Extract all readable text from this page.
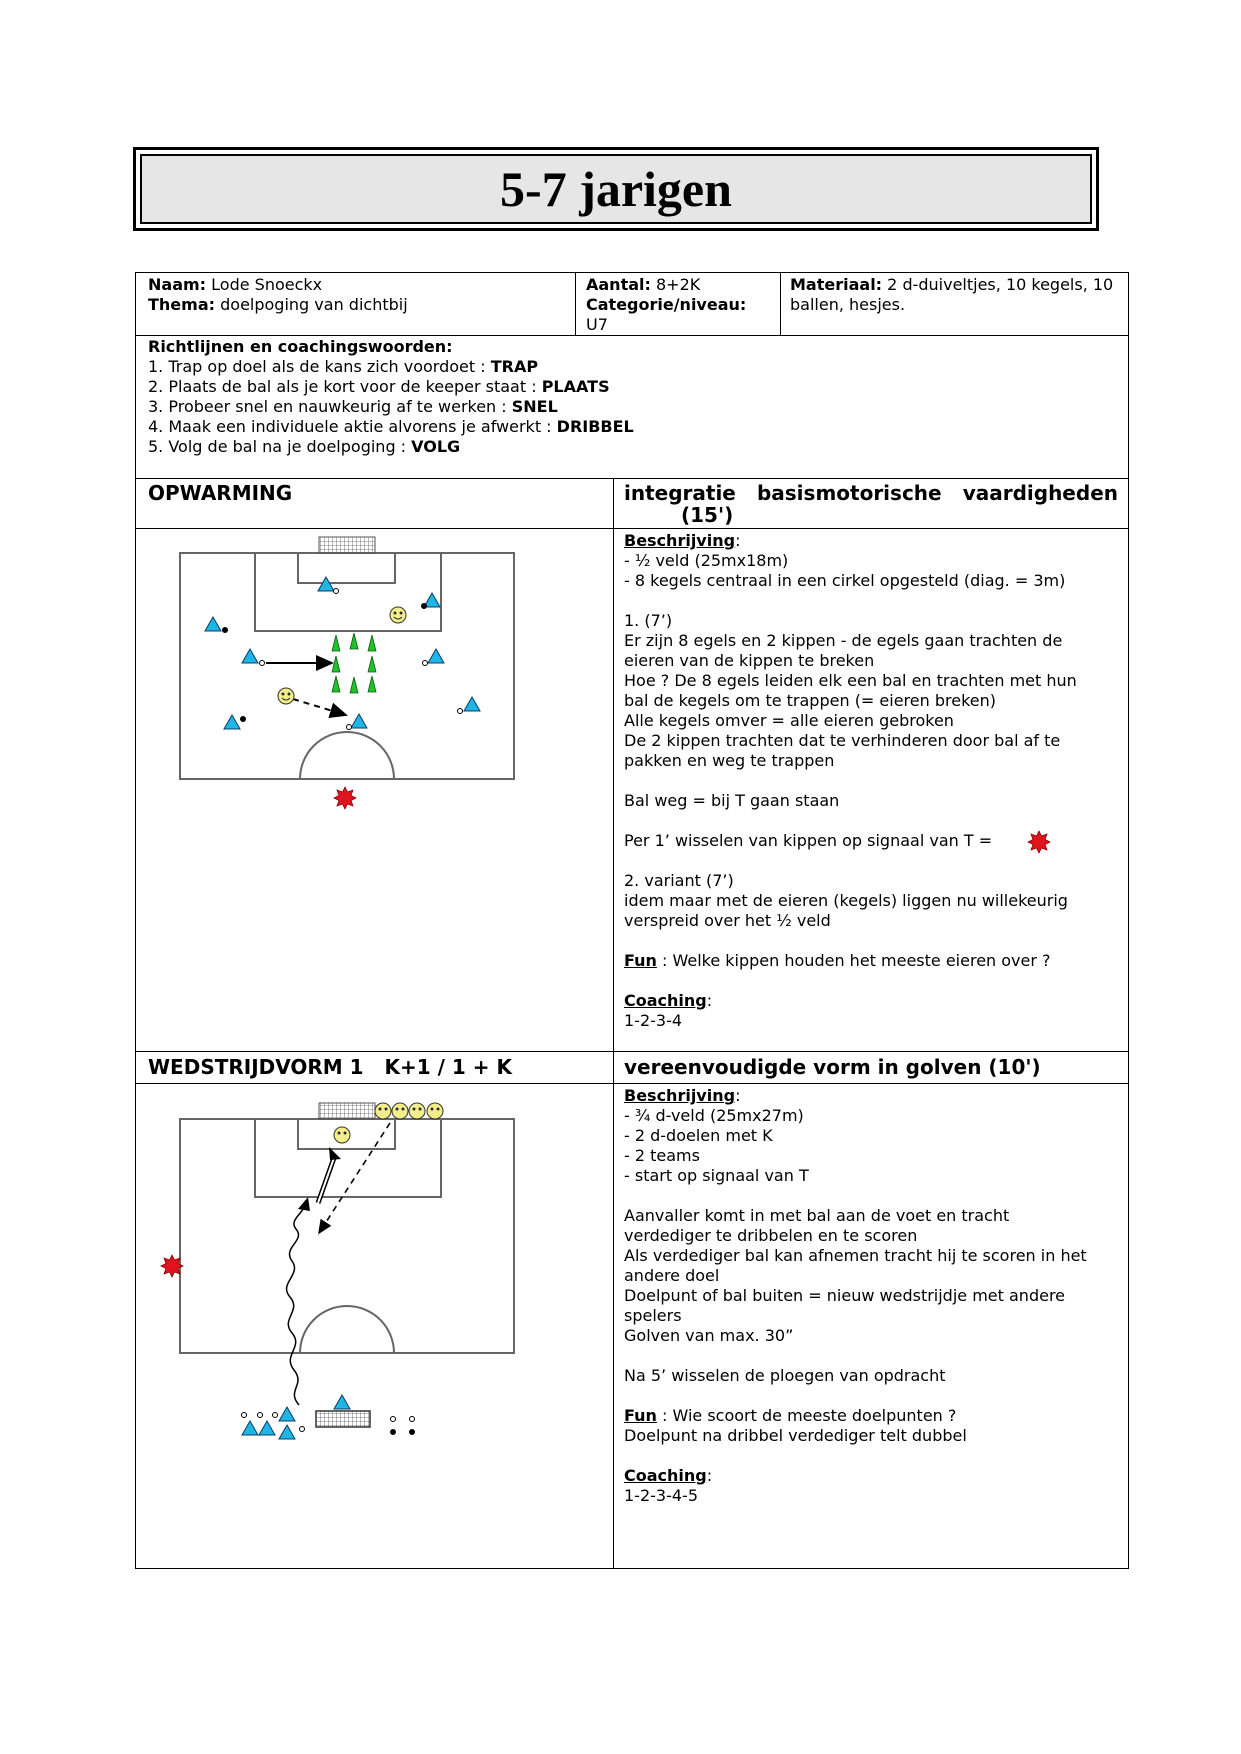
5-7 jarigen
Naam: Lode Snoeckx
Thema: doelpoging van dichtbij
Aantal: 8+2K
Categorie/niveau:
U7
Materiaal: 2 d-duiveltjes, 10 kegels, 10 ballen, hesjes.
Richtlijnen en coachingswoorden:
1. Trap op doel als de kans zich voordoet : TRAP
2. Plaats de bal als je kort voor de keeper staat : PLAATS
3. Probeer snel en nauwkeurig af te werken : SNEL
4. Maak een individuele aktie alvorens je afwerkt : DRIBBEL
5. Volg de bal na je doelpoging : VOLG
OPWARMING	integratie basismotorische vaardigheden
(15')

Beschrijving:

- ½ veld (25mx18m)

- 8 kegels centraal in een cirkel opgesteld (diag. = 3m)

1. (7’)

Er zijn 8 egels en 2 kippen - de egels gaan trachten de

eieren van de kippen te breken

Hoe ? De 8 egels leiden elk een bal en trachten met hun

bal de kegels om te trappen (= eieren breken)

Alle kegels omver = alle eieren gebroken

De 2 kippen trachten dat te verhinderen door bal af te

pakken en weg te trappen

Bal weg = bij T gaan staan

Per 1’ wisselen van kippen op signaal van T =

2. variant (7’)

idem maar met de eieren (kegels) liggen nu willekeurig

verspreid over het ½ veld

Fun : Welke kippen houden het meeste eieren over ?

Coaching:

1-2-3-4

WEDSTRIJDVORM 1   K+1 / 1 + K	vereenvoudigde vorm in golven (10')

Beschrijving:

- ¾ d-veld (25mx27m)

- 2 d-doelen met K

- 2 teams

- start op signaal van T

Aanvaller komt in met bal aan de voet en tracht

verdediger te dribbelen en te scoren

Als verdediger bal kan afnemen tracht hij te scoren in het

andere doel

Doelpunt of bal buiten = nieuw wedstrijdje met andere

spelers

Golven van max. 30”

Na 5’ wisselen de ploegen van opdracht

Fun : Wie scoort de meeste doelpunten ?

Doelpunt na dribbel verdediger telt dubbel

Coaching:

1-2-3-4-5
